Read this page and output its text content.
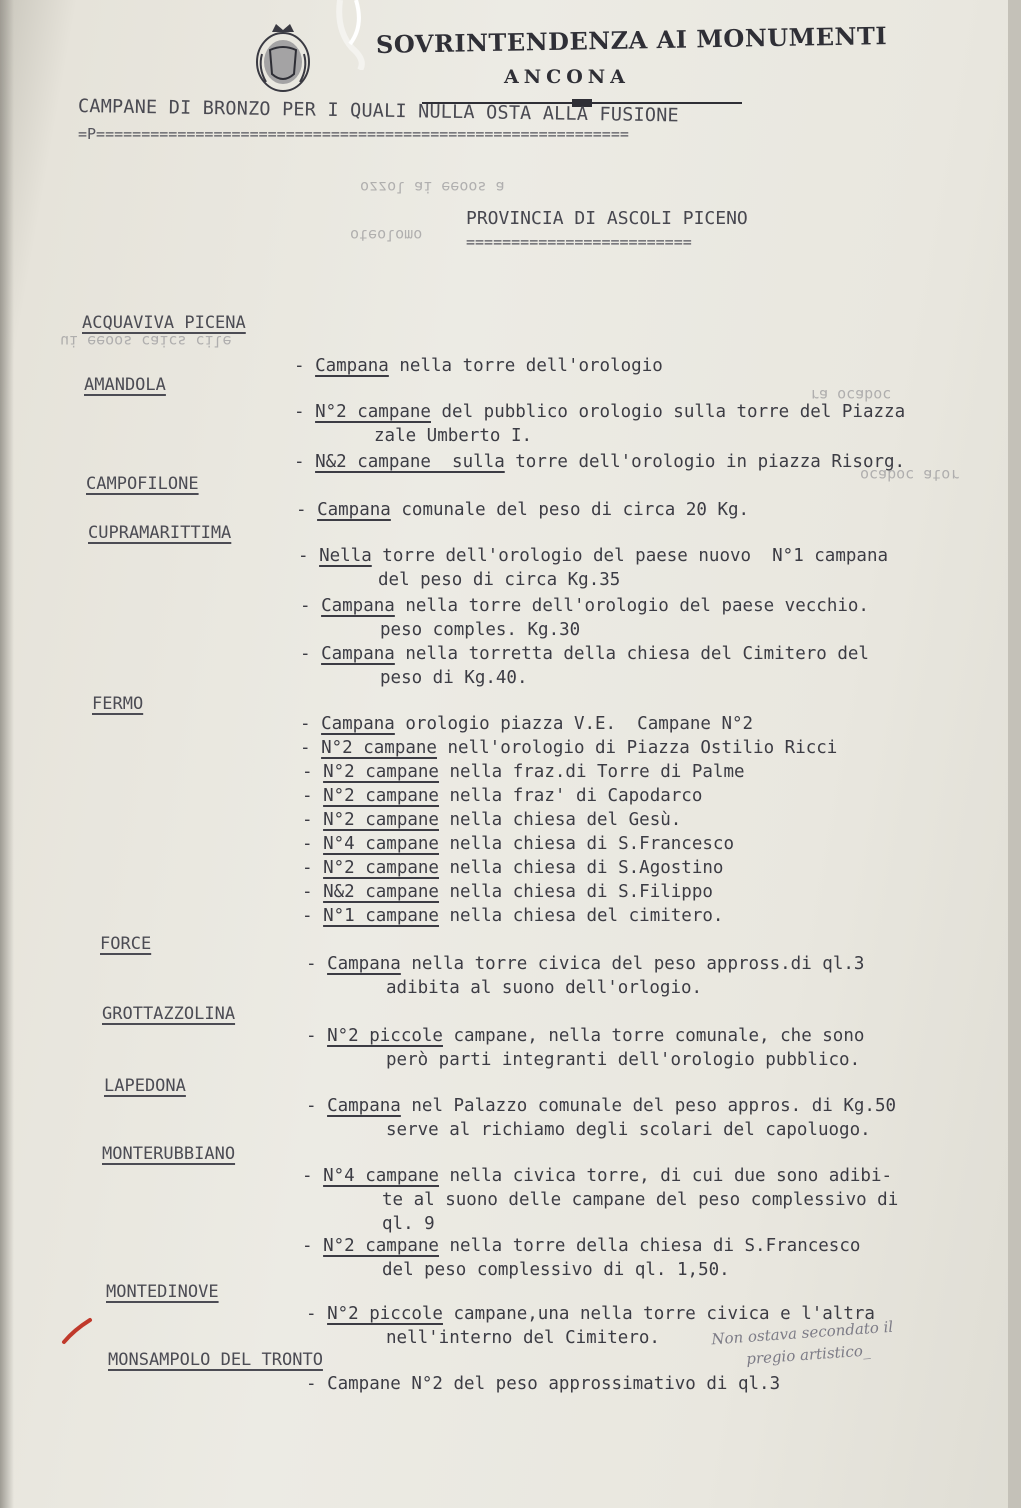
SOVRINTENDENZA AI MONUMENTI
ANCONA
CAMPANE DI BRONZO PER I QUALI NULLA OSTA ALLA FUSIONE
=P===========================================================
ozzol ai eeoos a
oteolomo
ui eeoos caics cile
ra ocaboc
ocaboc ator
PROVINCIA DI ASCOLI PICENO
=========================
ACQUAVIVA PICENA
- Campana nella torre dell'orologio
AMANDOLA
- N°2 campane del pubblico orologio sulla torre del Piazza
zale Umberto I.
- N&2 campane  sulla torre dell'orologio in piazza Risorg.
CAMPOFILONE
- Campana comunale del peso di circa 20 Kg.
CUPRAMARITTIMA
- Nella torre dell'orologio del paese nuovo  N°1 campana
del peso di circa Kg.35
- Campana nella torre dell'orologio del paese vecchio.
peso comples. Kg.30
- Campana nella torretta della chiesa del Cimitero del
peso di Kg.40.
FERMO
- Campana orologio piazza V.E.  Campane N°2
- N°2 campane nell'orologio di Piazza Ostilio Ricci
- N°2 campane nella fraz.di Torre di Palme
- N°2 campane nella fraz' di Capodarco
- N°2 campane nella chiesa del Gesù.
- N°4 campane nella chiesa di S.Francesco
- N°2 campane nella chiesa di S.Agostino
- N&2 campane nella chiesa di S.Filippo
- N°1 campane nella chiesa del cimitero.
FORCE
- Campana nella torre civica del peso appross.di ql.3
adibita al suono dell'orlogio.
GROTTAZZOLINA
- N°2 piccole campane, nella torre comunale, che sono
però parti integranti dell'orologio pubblico.
LAPEDONA
- Campana nel Palazzo comunale del peso appros. di Kg.50
serve al richiamo degli scolari del capoluogo.
MONTERUBBIANO
- N°4 campane nella civica torre, di cui due sono adibi-
te al suono delle campane del peso complessivo di
ql. 9
- N°2 campane nella torre della chiesa di S.Francesco
del peso complessivo di ql. 1,50.
MONTEDINOVE
- N°2 piccole campane,una nella torre civica e l'altra
nell'interno del Cimitero.
MONSAMPOLO DEL TRONTO
- Campane N°2 del peso approssimativo di ql.3
Non ostava secondato il
pregio artistico_
